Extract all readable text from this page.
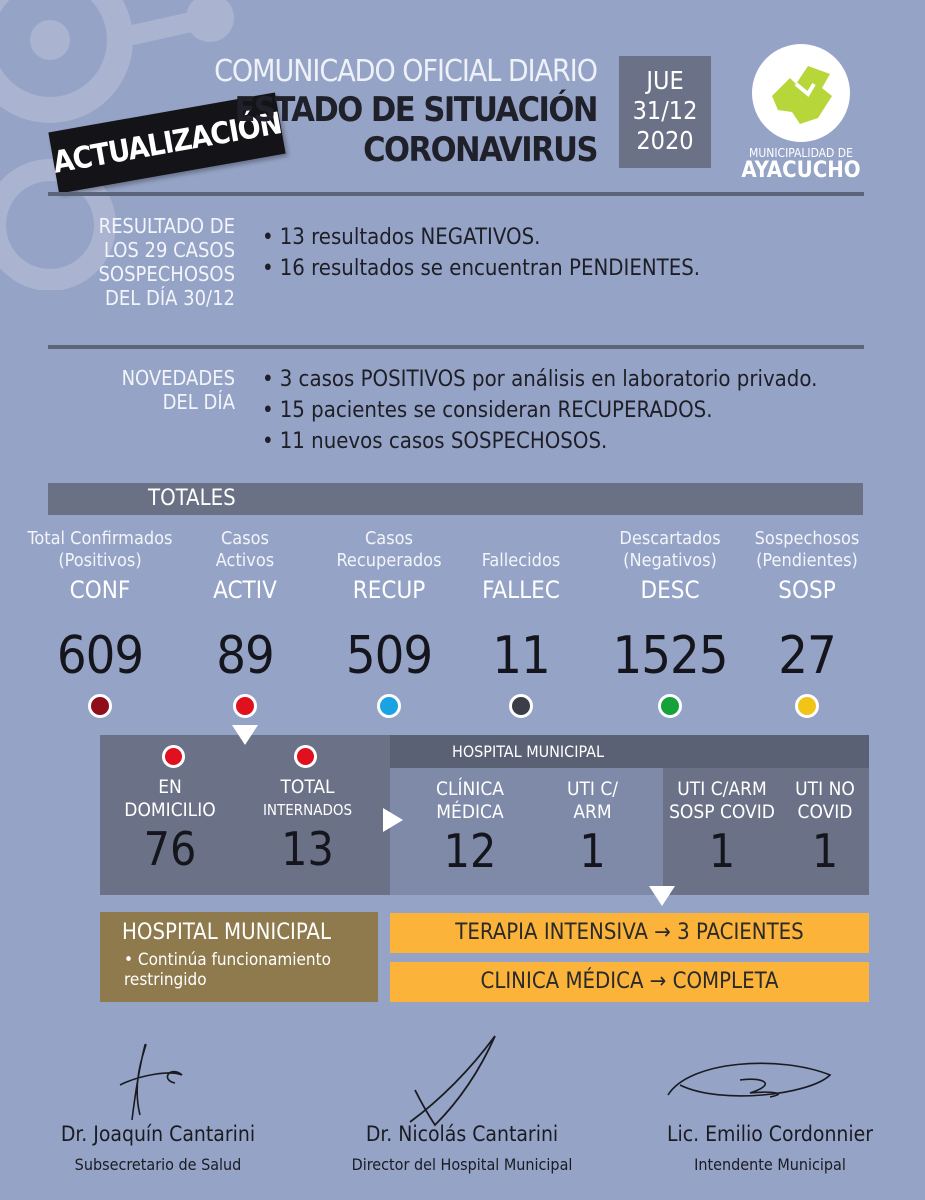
ACTUALIZACIÓN
COMUNICADO OFICIAL DIARIO
ESTADO DE SITUACIÓN
CORONAVIRUS
JUE
31/12
2020	MUNICIPALIDAD DE
AYACUCHO
RESULTADO DE
LOS 29 CASOS
SOSPECHOSOS
DEL DÍA 30/12
• 13 resultados NEGATIVOS.
• 16 resultados se encuentran PENDIENTES.
NOVEDADES
DEL DÍA
• 3 casos POSITIVOS por análisis en laboratorio privado.
• 15 pacientes se consideran RECUPERADOS.
• 11 nuevos casos SOSPECHOSOS.
TOTALES
Total Confirmados
(Positivos)
CONF
609
Casos
Activos
ACTIV
89
Casos
Recuperados
RECUP
509
Fallecidos
FALLEC
11
Descartados
(Negativos)
DESC
1525
Sospechosos
(Pendientes)
SOSP
27
HOSPITAL MUNICIPAL
EN
DOMICILIO
76
TOTAL
INTERNADOS
13
CLÍNICA
MÉDICA
12
UTI C/
ARM
1
UTI C/ARM
SOSP COVID
1
UTI NO
COVID
1
HOSPITAL MUNICIPAL
• Continúa funcionamiento restringido
TERAPIA INTENSIVA → 3 PACIENTES
CLINICA MÉDICA → COMPLETA
Dr. Joaquín Cantarini
Subsecretario de Salud
Dr. Nicolás Cantarini
Director del Hospital Municipal
Lic. Emilio Cordonnier
Intendente Municipal
